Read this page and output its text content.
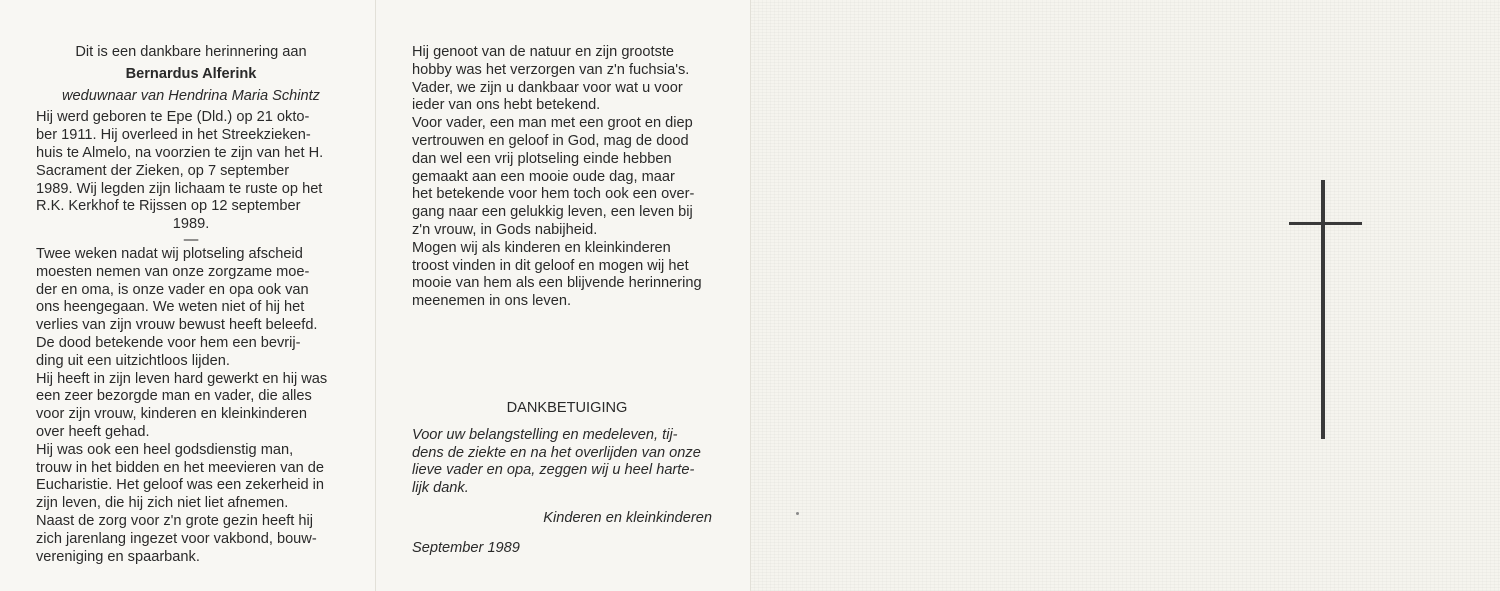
Dit is een dankbare herinnering aan

Bernardus Alferink

weduwnaar van Hendrina Maria Schintz

Hij werd geboren te Epe (Dld.) op 21 okto-

ber 1911. Hij overleed in het Streekzieken-

huis te Almelo, na voorzien te zijn van het H.

Sacrament der Zieken, op 7 september

1989. Wij legden zijn lichaam te ruste op het

R.K. Kerkhof te Rijssen op 12 september

1989.

—

Twee weken nadat wij plotseling afscheid

moesten nemen van onze zorgzame moe-

der en oma, is onze vader en opa ook van

ons heengegaan. We weten niet of hij het

verlies van zijn vrouw bewust heeft beleefd.

De dood betekende voor hem een bevrij-

ding uit een uitzichtloos lijden.

Hij heeft in zijn leven hard gewerkt en hij was

een zeer bezorgde man en vader, die alles

voor zijn vrouw, kinderen en kleinkinderen

over heeft gehad.

Hij was ook een heel godsdienstig man,

trouw in het bidden en het meevieren van de

Eucharistie. Het geloof was een zekerheid in

zijn leven, die hij zich niet liet afnemen.

Naast de zorg voor z'n grote gezin heeft hij

zich jarenlang ingezet voor vakbond, bouw-

vereniging en spaarbank.

Hij genoot van de natuur en zijn grootste

hobby was het verzorgen van z'n fuchsia's.

Vader, we zijn u dankbaar voor wat u voor

ieder van ons hebt betekend.

Voor vader, een man met een groot en diep

vertrouwen en geloof in God, mag de dood

dan wel een vrij plotseling einde hebben

gemaakt aan een mooie oude dag, maar

het betekende voor hem toch ook een over-

gang naar een gelukkig leven, een leven bij

z'n vrouw, in Gods nabijheid.

Mogen wij als kinderen en kleinkinderen

troost vinden in dit geloof en mogen wij het

mooie van hem als een blijvende herinnering

meenemen in ons leven.

DANKBETUIGING

Voor uw belangstelling en medeleven, tij-

dens de ziekte en na het overlijden van onze

lieve vader en opa, zeggen wij u heel harte-

lijk dank.

Kinderen en kleinkinderen

September 1989
